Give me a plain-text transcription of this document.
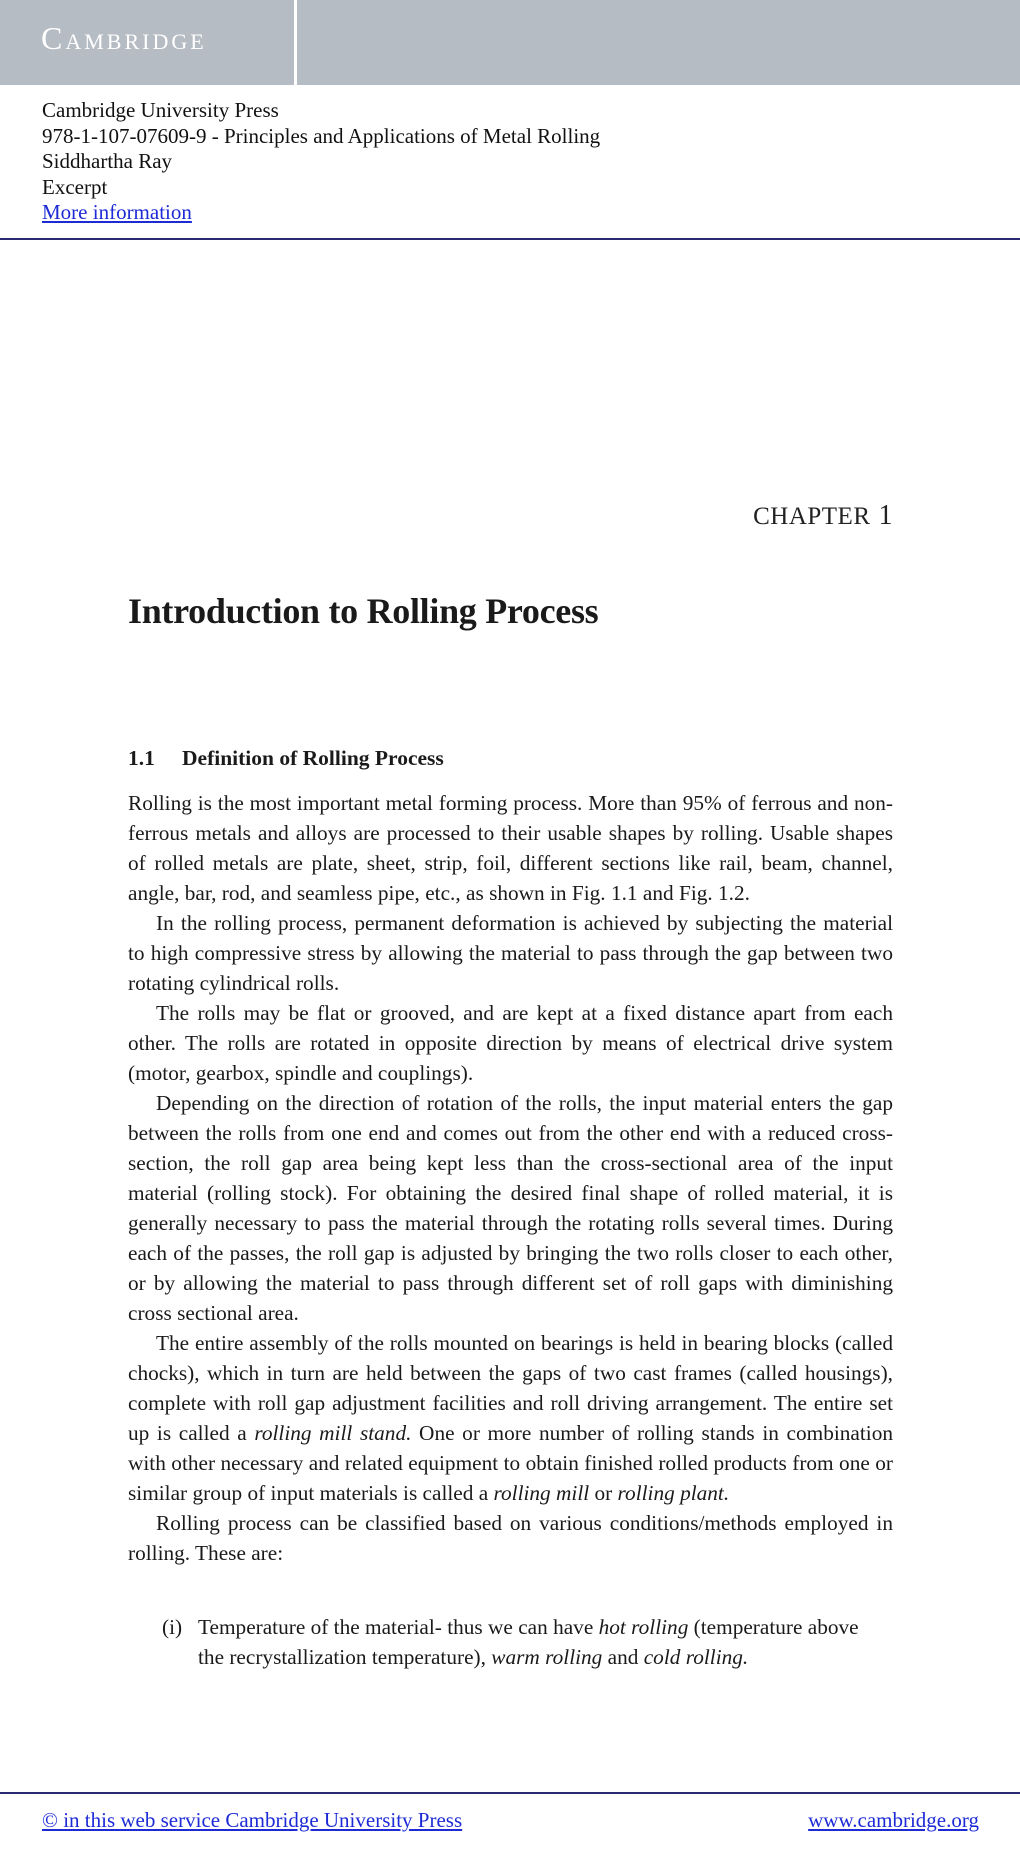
Cambridge
Cambridge University Press
978-1-107-07609-9 - Principles and Applications of Metal Rolling
Siddhartha Ray
Excerpt
More information
CHAPTER 1
Introduction to Rolling Process
1.1 Definition of Rolling Process

Rolling is the most important metal forming process. More than 95% of ferrous and non-ferrous metals and alloys are processed to their usable shapes by rolling. Usable shapes of rolled metals are plate, sheet, strip, foil, different sections like rail, beam, channel, angle, bar, rod, and seamless pipe, etc., as shown in Fig. 1.1 and Fig. 1.2.

In the rolling process, permanent deformation is achieved by subjecting the material to high compressive stress by allowing the material to pass through the gap between two rotating cylindrical rolls.

The rolls may be flat or grooved, and are kept at a fixed distance apart from each other. The rolls are rotated in opposite direction by means of electrical drive system (motor, gearbox, spindle and couplings).

Depending on the direction of rotation of the rolls, the input material enters the gap between the rolls from one end and comes out from the other end with a reduced cross-section, the roll gap area being kept less than the cross-sectional area of the input material (rolling stock). For obtaining the desired final shape of rolled material, it is generally necessary to pass the material through the rotating rolls several times. During each of the passes, the roll gap is adjusted by bringing the two rolls closer to each other, or by allowing the material to pass through different set of roll gaps with diminishing cross sectional area.

The entire assembly of the rolls mounted on bearings is held in bearing blocks (called chocks), which in turn are held between the gaps of two cast frames (called housings), complete with roll gap adjustment facilities and roll driving arrangement. The entire set up is called a rolling mill stand. One or more number of rolling stands in combination with other necessary and related equipment to obtain finished rolled products from one or similar group of input materials is called a rolling mill or rolling plant.

Rolling process can be classified based on various conditions/methods employed in rolling. These are:

(i) Temperature of the material- thus we can have hot rolling (temperature above the recrystallization temperature), warm rolling and cold rolling.
© in this web service Cambridge University Press	www.cambridge.org
